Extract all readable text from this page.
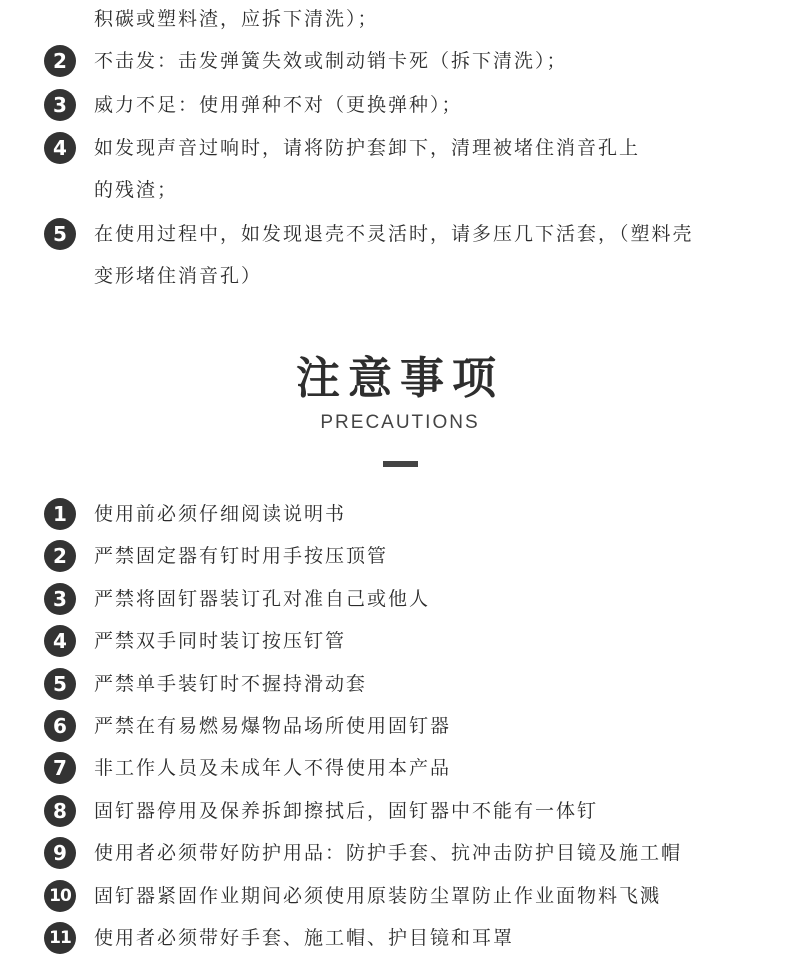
积碳或塑料渣，应拆下清洗）；
2	不击发：击发弹簧失效或制动销卡死（拆下清洗）；
3	威力不足：使用弹种不对（更换弹种）；
4	如发现声音过响时，请将防护套卸下，清理被堵住消音孔上
的残渣；
5	在使用过程中，如发现退壳不灵活时，请多压几下活套，（塑料壳
变形堵住消音孔）
注意事项
PRECAUTIONS
1	使用前必须仔细阅读说明书
2	严禁固定器有钉时用手按压顶管
3	严禁将固钉器装订孔对准自己或他人
4	严禁双手同时装订按压钉管
5	严禁单手装钉时不握持滑动套
6	严禁在有易燃易爆物品场所使用固钉器
7	非工作人员及未成年人不得使用本产品
8	固钉器停用及保养拆卸擦拭后，固钉器中不能有一体钉
9	使用者必须带好防护用品：防护手套、抗冲击防护目镜及施工帽
10 固钉器紧固作业期间必须使用原装防尘罩防止作业面物料飞溅
11 使用者必须带好手套、施工帽、护目镜和耳罩
